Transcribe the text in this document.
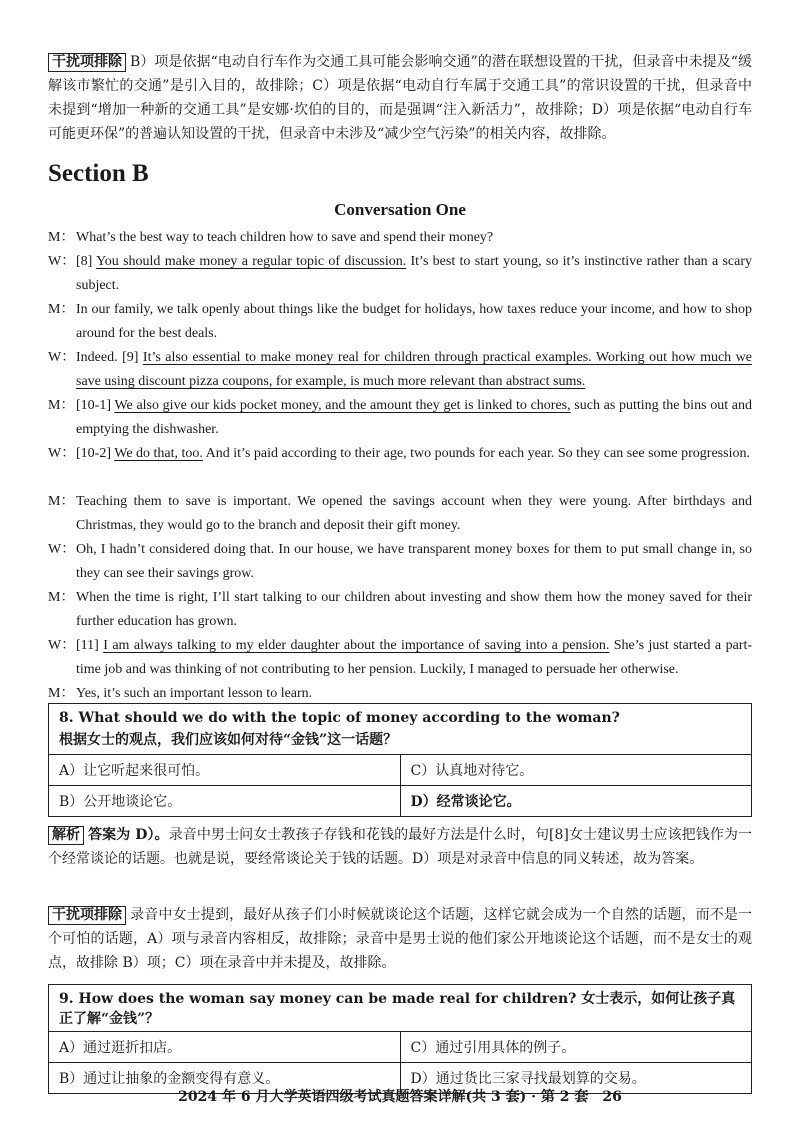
干扰项排除 B）项是依据“电动自行车作为交通工具可能会影响交通”的潜在联想设置的干扰，但录音中未提及“缓解该市繁忙的交通”是引入目的，故排除；C）项是依据“电动自行车属于交通工具”的常识设置的干扰，但录音中未提到“增加一种新的交通工具”是安娜·坎伯的目的，而是强调“注入新活力”，故排除；D）项是依据“电动自行车可能更环保”的普遍认知设置的干扰，但录音中未涉及“减少空气污染”的相关内容，故排除。
Section B
Conversation One
M： What’s the best way to teach children how to save and spend their money?
W： [8] You should make money a regular topic of discussion. It’s best to start young, so it’s instinctive rather than a scary subject.
M： In our family, we talk openly about things like the budget for holidays, how taxes reduce your income, and how to shop around for the best deals.
W： Indeed. [9] It’s also essential to make money real for children through practical examples. Working out how much we save using discount pizza coupons, for example, is much more relevant than abstract sums.
M： [10-1] We also give our kids pocket money, and the amount they get is linked to chores, such as putting the bins out and emptying the dishwasher.
W： [10-2] We do that, too. And it’s paid according to their age, two pounds for each year. So they can see some progression.
M： Teaching them to save is important. We opened the savings account when they were young. After birthdays and Christmas, they would go to the branch and deposit their gift money.
W： Oh, I hadn’t considered doing that. In our house, we have transparent money boxes for them to put small change in, so they can see their savings grow.
M： When the time is right, I’ll start talking to our children about investing and show them how the money saved for their further education has grown.
W： [11] I am always talking to my elder daughter about the importance of saving into a pension. She’s just started a part-time job and was thinking of not contributing to her pension. Luckily, I managed to persuade her otherwise.
M： Yes, it’s such an important lesson to learn.
8. What should we do with the topic of money according to the woman?
根据女士的观点，我们应该如何对待“金钱”这一话题？	

A）让它听起来很可怕。	C）认真地对待它。
B）公开地谈论它。	D）经常谈论它。
解析 答案为 D）。录音中男士问女士教孩子存钱和花钱的最好方法是什么时，句[8]女士建议男士应该把钱作为一个经常谈论的话题。也就是说，要经常谈论关于钱的话题。D）项是对录音中信息的同义转述，故为答案。
干扰项排除 录音中女士提到，最好从孩子们小时候就谈论这个话题，这样它就会成为一个自然的话题，而不是一个可怕的话题，A）项与录音内容相反，故排除；录音中是男士说的他们家公开地谈论这个话题，而不是女士的观点，故排除 B）项；C）项在录音中并未提及，故排除。
9. How does the woman say money can be made real for children? 女士表示，如何让孩子真正了解“金钱”？	
A）通过逛折扣店。	C）通过引用具体的例子。
B）通过让抽象的金额变得有意义。	D）通过货比三家寻找最划算的交易。
2024 年 6 月大学英语四级考试真题答案详解(共 3 套) · 第 2 套　26
